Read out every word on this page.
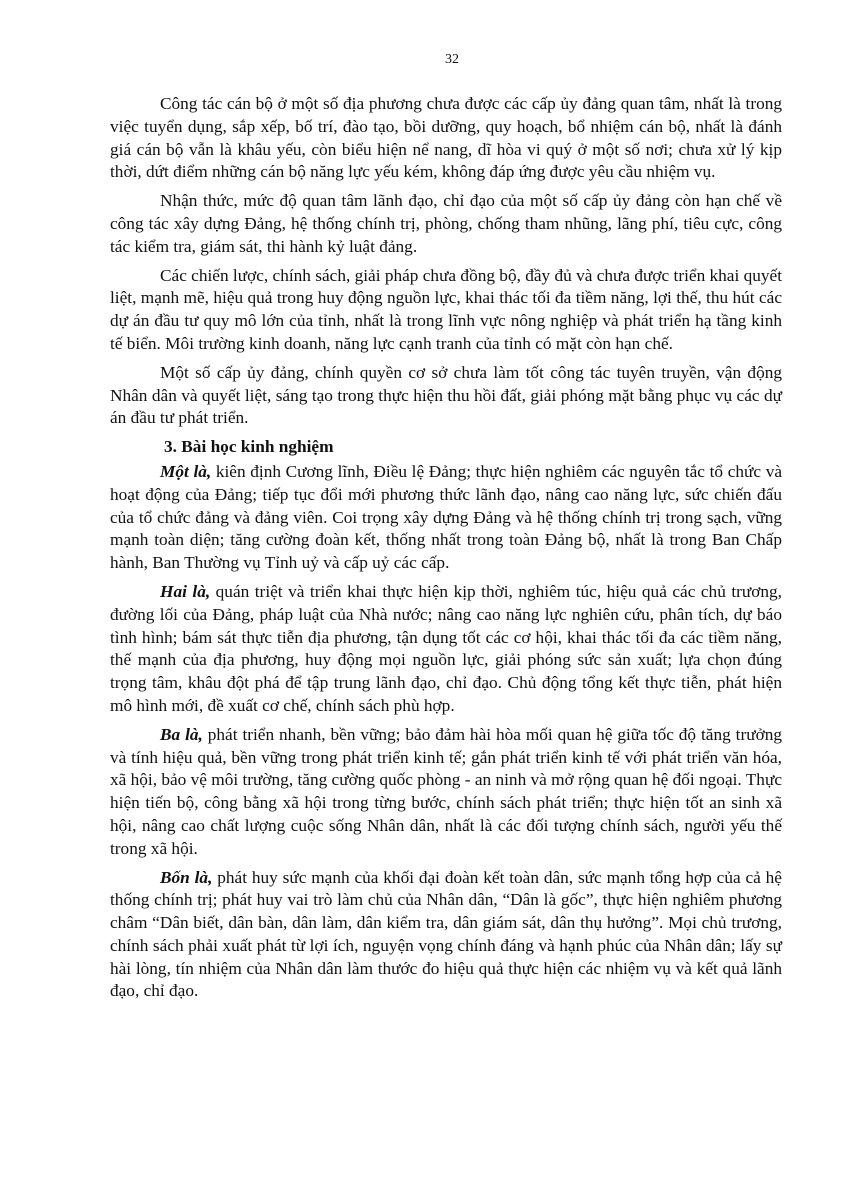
32

Công tác cán bộ ở một số địa phương chưa được các cấp ủy đảng quan tâm, nhất là trong việc tuyển dụng, sắp xếp, bố trí, đào tạo, bồi dưỡng, quy hoạch, bổ nhiệm cán bộ, nhất là đánh giá cán bộ vẫn là khâu yếu, còn biểu hiện nể nang, dĩ hòa vi quý ở một số nơi; chưa xử lý kịp thời, dứt điểm những cán bộ năng lực yếu kém, không đáp ứng được yêu cầu nhiệm vụ.

Nhận thức, mức độ quan tâm lãnh đạo, chỉ đạo của một số cấp ủy đảng còn hạn chế về công tác xây dựng Đảng, hệ thống chính trị, phòng, chống tham nhũng, lãng phí, tiêu cực, công tác kiểm tra, giám sát, thi hành kỷ luật đảng.

Các chiến lược, chính sách, giải pháp chưa đồng bộ, đầy đủ và chưa được triển khai quyết liệt, mạnh mẽ, hiệu quả trong huy động nguồn lực, khai thác tối đa tiềm năng, lợi thế, thu hút các dự án đầu tư quy mô lớn của tỉnh, nhất là trong lĩnh vực nông nghiệp và phát triển hạ tầng kinh tế biển. Môi trường kinh doanh, năng lực cạnh tranh của tỉnh có mặt còn hạn chế.

Một số cấp ủy đảng, chính quyền cơ sở chưa làm tốt công tác tuyên truyền, vận động Nhân dân và quyết liệt, sáng tạo trong thực hiện thu hồi đất, giải phóng mặt bằng phục vụ các dự án đầu tư phát triển.

3. Bài học kinh nghiệm

Một là, kiên định Cương lĩnh, Điều lệ Đảng; thực hiện nghiêm các nguyên tắc tổ chức và hoạt động của Đảng; tiếp tục đổi mới phương thức lãnh đạo, nâng cao năng lực, sức chiến đấu của tổ chức đảng và đảng viên. Coi trọng xây dựng Đảng và hệ thống chính trị trong sạch, vững mạnh toàn diện; tăng cường đoàn kết, thống nhất trong toàn Đảng bộ, nhất là trong Ban Chấp hành, Ban Thường vụ Tỉnh uỷ và cấp uỷ các cấp.

Hai là, quán triệt và triển khai thực hiện kịp thời, nghiêm túc, hiệu quả các chủ trương, đường lối của Đảng, pháp luật của Nhà nước; nâng cao năng lực nghiên cứu, phân tích, dự báo tình hình; bám sát thực tiễn địa phương, tận dụng tốt các cơ hội, khai thác tối đa các tiềm năng, thế mạnh của địa phương, huy động mọi nguồn lực, giải phóng sức sản xuất; lựa chọn đúng trọng tâm, khâu đột phá để tập trung lãnh đạo, chỉ đạo. Chủ động tổng kết thực tiễn, phát hiện mô hình mới, đề xuất cơ chế, chính sách phù hợp.

Ba là, phát triển nhanh, bền vững; bảo đảm hài hòa mối quan hệ giữa tốc độ tăng trưởng và tính hiệu quả, bền vững trong phát triển kinh tế; gắn phát triển kinh tế với phát triển văn hóa, xã hội, bảo vệ môi trường, tăng cường quốc phòng - an ninh và mở rộng quan hệ đối ngoại. Thực hiện tiến bộ, công bằng xã hội trong từng bước, chính sách phát triển; thực hiện tốt an sinh xã hội, nâng cao chất lượng cuộc sống Nhân dân, nhất là các đối tượng chính sách, người yếu thế trong xã hội.

Bốn là, phát huy sức mạnh của khối đại đoàn kết toàn dân, sức mạnh tổng hợp của cả hệ thống chính trị; phát huy vai trò làm chủ của Nhân dân, “Dân là gốc”, thực hiện nghiêm phương châm “Dân biết, dân bàn, dân làm, dân kiểm tra, dân giám sát, dân thụ hưởng”. Mọi chủ trương, chính sách phải xuất phát từ lợi ích, nguyện vọng chính đáng và hạnh phúc của Nhân dân; lấy sự hài lòng, tín nhiệm của Nhân dân làm thước đo hiệu quả thực hiện các nhiệm vụ và kết quả lãnh đạo, chỉ đạo.
